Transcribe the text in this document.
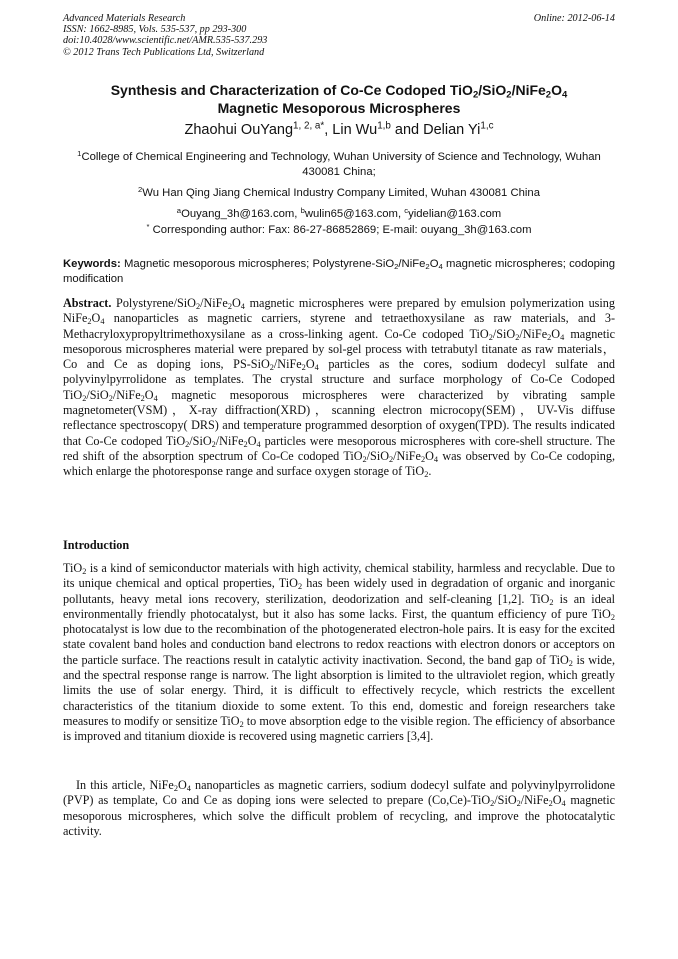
Advanced Materials Research
ISSN: 1662-8985, Vols. 535-537, pp 293-300
doi:10.4028/www.scientific.net/AMR.535-537.293
© 2012 Trans Tech Publications Ltd, Switzerland
Online: 2012-06-14
Synthesis and Characterization of Co-Ce Codoped $TiO_2/SiO_2/NiFe_2O_4$
Magnetic Mesoporous Microspheres
Zhaohui OuYang$^{1, 2, a*}$, Lin Wu$^{1,b}$ and Delian Yi$^{1,c}$
$^1$College of Chemical Engineering and Technology, Wuhan University of Science and Technology, Wuhan 430081 China;
$^2$Wu Han Qing Jiang Chemical Industry Company Limited, Wuhan 430081 China
$^a$Ouyang_3h@163.com, $^b$wulin65@163.com, $^c$yidelian@163.com
* Corresponding author: Fax: 86-27-86852869; E-mail: ouyang_3h@163.com
Keywords: Magnetic mesoporous microspheres; Polystyrene-$SiO_2/NiFe_2O_4$ magnetic microspheres; codoping modification
Abstract. Polystyrene/$SiO_2/NiFe_2O_4$ magnetic microspheres were prepared by emulsion polymerization using $NiFe_2O_4$ nanoparticles as magnetic carriers, styrene and tetraethoxysilane as raw materials, and 3-Methacryloxypropyltrimethoxysilane as a cross-linking agent. Co-Ce codoped $TiO_2/SiO_2/NiFe_2O_4$ magnetic mesoporous microspheres material were prepared by sol-gel process with tetrabutyl titanate as raw materials，Co and Ce as doping ions, $PS-SiO_2/NiFe_2O_4$ particles as the cores, sodium dodecyl sulfate and polyvinylpyrrolidone as templates. The crystal structure and surface morphology of Co-Ce Codoped $TiO_2/SiO_2/NiFe_2O_4$ magnetic mesoporous microspheres were characterized by vibrating sample magnetometer(VSM)，X-ray diffraction(XRD)，scanning electron microcopy(SEM)，UV-Vis diffuse reflectance spectroscopy( DRS) and temperature programmed desorption of oxygen(TPD). The results indicated that Co-Ce codoped $TiO_2/SiO_2/NiFe_2O_4$ particles were mesoporous microspheres with core-shell structure. The red shift of the absorption spectrum of Co-Ce codoped $TiO_2/SiO_2/NiFe_2O_4$ was observed by Co-Ce codoping, which enlarge the photoresponse range and surface oxygen storage of TiO$_2$.
Introduction
TiO$_2$ is a kind of semiconductor materials with high activity, chemical stability, harmless and recyclable. Due to its unique chemical and optical properties, TiO$_2$ has been widely used in degradation of organic and inorganic pollutants, heavy metal ions recovery, sterilization, deodorization and self-cleaning [1,2]. TiO$_2$ is an ideal environmentally friendly photocatalyst, but it also has some lacks. First, the quantum efficiency of pure TiO$_2$ photocatalyst is low due to the recombination of the photogenerated electron-hole pairs. It is easy for the excited state covalent band holes and conduction band electrons to redox reactions with electron donors or acceptors on the particle surface. The reactions result in catalytic activity inactivation. Second, the band gap of TiO$_2$ is wide, and the spectral response range is narrow. The light absorption is limited to the ultraviolet region, which greatly limits the use of solar energy. Third, it is difficult to effectively recycle, which restricts the excellent characteristics of the titanium dioxide to some extent. To this end, domestic and foreign researchers take measures to modify or sensitize TiO$_2$ to move absorption edge to the visible region. The efficiency of absorbance is improved and titanium dioxide is recovered using magnetic carriers [3,4].
In this article, $NiFe_2O_4$ nanoparticles as magnetic carriers, sodium dodecyl sulfate and polyvinylpyrrolidone (PVP) as template, Co and Ce as doping ions were selected to prepare $(Co,Ce)-TiO_2/SiO_2/NiFe_2O_4$ magnetic mesoporous microspheres, which solve the difficult problem of recycling, and improve the photocatalytic activity.
